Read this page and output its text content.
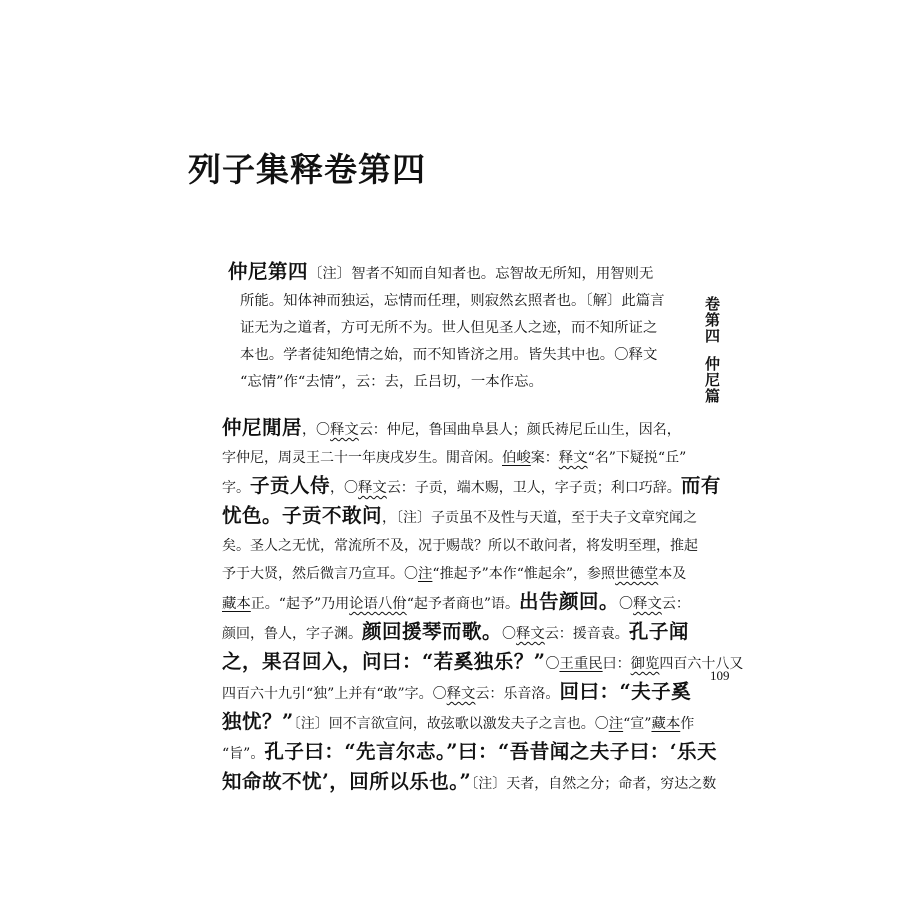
列子集释卷第四
卷第四仲尼篇
109
仲尼第四〔注〕智者不知而自知者也。忘智故无所知，用智则无
所能。知体神而独运，忘情而任理，则寂然玄照者也。〔解〕此篇言
证无为之道者，方可无所不为。世人但见圣人之迹，而不知所证之
本也。学者徒知绝情之始，而不知皆济之用。皆失其中也。〇释文
“忘情”作“去情”，云：去，丘吕切，一本作忘。
仲尼閒居，〇释文云：仲尼，鲁国曲阜县人；颜氏祷尼丘山生，因名，
字仲尼，周灵王二十一年庚戌岁生。閒音闲。伯峻案：释文“名”下疑捝“丘”
字。子贡人侍，〇释文云：子贡，端木赐，卫人，字子贡；利口巧辞。而有
忧色。子贡不敢问，〔注〕子贡虽不及性与天道，至于夫子文章究闻之
矣。圣人之无忧，常流所不及，况于赐哉？所以不敢问者，将发明至理，推起
予于大贤，然后微言乃宣耳。〇注“推起予”本作“惟起余”，参照世德堂本及
藏本正。“起予”乃用论语八佾“起予者商也”语。出告颜回。〇释文云：
颜回，鲁人，字子渊。颜回援琴而歌。〇释文云：援音袁。孔子闻
之，果召回入，问曰：“若奚独乐？”〇王重民曰：御览四百六十八又
四百六十九引“独”上并有“敢”字。〇释文云：乐音洛。回曰：“夫子奚
独忧？”〔注〕回不言欲宣问，故弦歌以激发夫子之言也。〇注“宣”藏本作
“旨”。孔子曰：“先言尔志。”曰：“吾昔闻之夫子曰：‘乐天
知命故不忧’，回所以乐也。”〔注〕天者，自然之分；命者，穷达之数
